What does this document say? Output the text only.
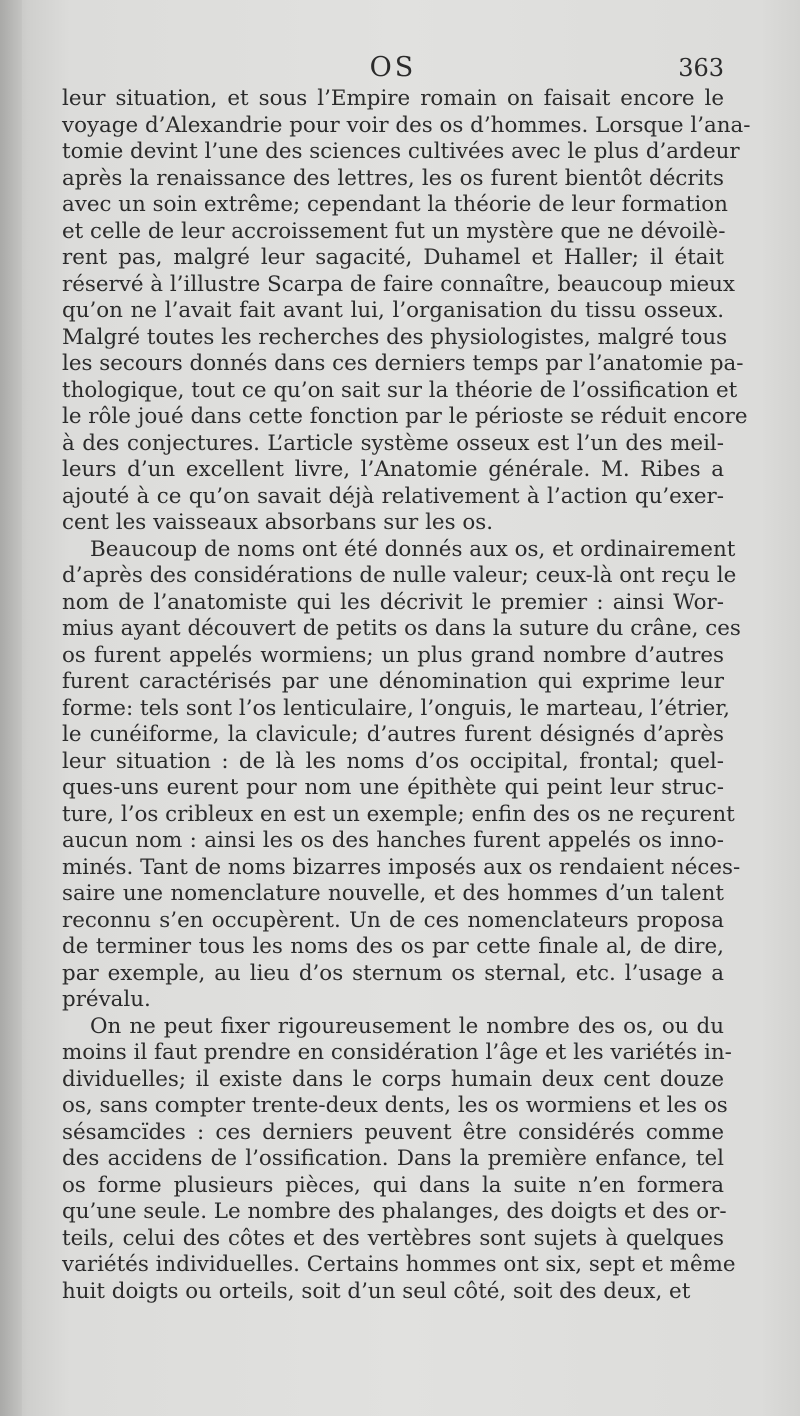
OS	363
leur situation, et sous l’Empire romain on faisait encore le
voyage d’Alexandrie pour voir des os d’hommes. Lorsque l’ana-
tomie devint l’une des sciences cultivées avec le plus d’ardeur
après la renaissance des lettres, les os furent bientôt décrits
avec un soin extrême; cependant la théorie de leur formation
et celle de leur accroissement fut un mystère que ne dévoilè-
rent pas, malgré leur sagacité, Duhamel et Haller; il était
réservé à l’illustre Scarpa de faire connaître, beaucoup mieux
qu’on ne l’avait fait avant lui, l’organisation du tissu osseux.
Malgré toutes les recherches des physiologistes, malgré tous
les secours donnés dans ces derniers temps par l’anatomie pa-
thologique, tout ce qu’on sait sur la théorie de l’ossification et
le rôle joué dans cette fonction par le périoste se réduit encore
à des conjectures. L’article système osseux est l’un des meil-
leurs d’un excellent livre, l’Anatomie générale. M. Ribes a
ajouté à ce qu’on savait déjà relativement à l’action qu’exer-
cent les vaisseaux absorbans sur les os.
Beaucoup de noms ont été donnés aux os, et ordinairement
d’après des considérations de nulle valeur; ceux-là ont reçu le
nom de l’anatomiste qui les décrivit le premier : ainsi Wor-
mius ayant découvert de petits os dans la suture du crâne, ces
os furent appelés wormiens; un plus grand nombre d’autres
furent caractérisés par une dénomination qui exprime leur
forme: tels sont l’os lenticulaire, l’onguis, le marteau, l’étrier,
le cunéiforme, la clavicule; d’autres furent désignés d’après
leur situation : de là les noms d’os occipital, frontal; quel-
ques-uns eurent pour nom une épithète qui peint leur struc-
ture, l’os cribleux en est un exemple; enfin des os ne reçurent
aucun nom : ainsi les os des hanches furent appelés os inno-
minés. Tant de noms bizarres imposés aux os rendaient néces-
saire une nomenclature nouvelle, et des hommes d’un talent
reconnu s’en occupèrent. Un de ces nomenclateurs proposa
de terminer tous les noms des os par cette finale al, de dire,
par exemple, au lieu d’os sternum os sternal, etc. l’usage a
prévalu.
On ne peut fixer rigoureusement le nombre des os, ou du
moins il faut prendre en considération l’âge et les variétés in-
dividuelles; il existe dans le corps humain deux cent douze
os, sans compter trente-deux dents, les os wormiens et les os
sésamcïdes : ces derniers peuvent être considérés comme
des accidens de l’ossification. Dans la première enfance, tel
os forme plusieurs pièces, qui dans la suite n’en formera
qu’une seule. Le nombre des phalanges, des doigts et des or-
teils, celui des côtes et des vertèbres sont sujets à quelques
variétés individuelles. Certains hommes ont six, sept et même
huit doigts ou orteils, soit d’un seul côté, soit des deux, et
